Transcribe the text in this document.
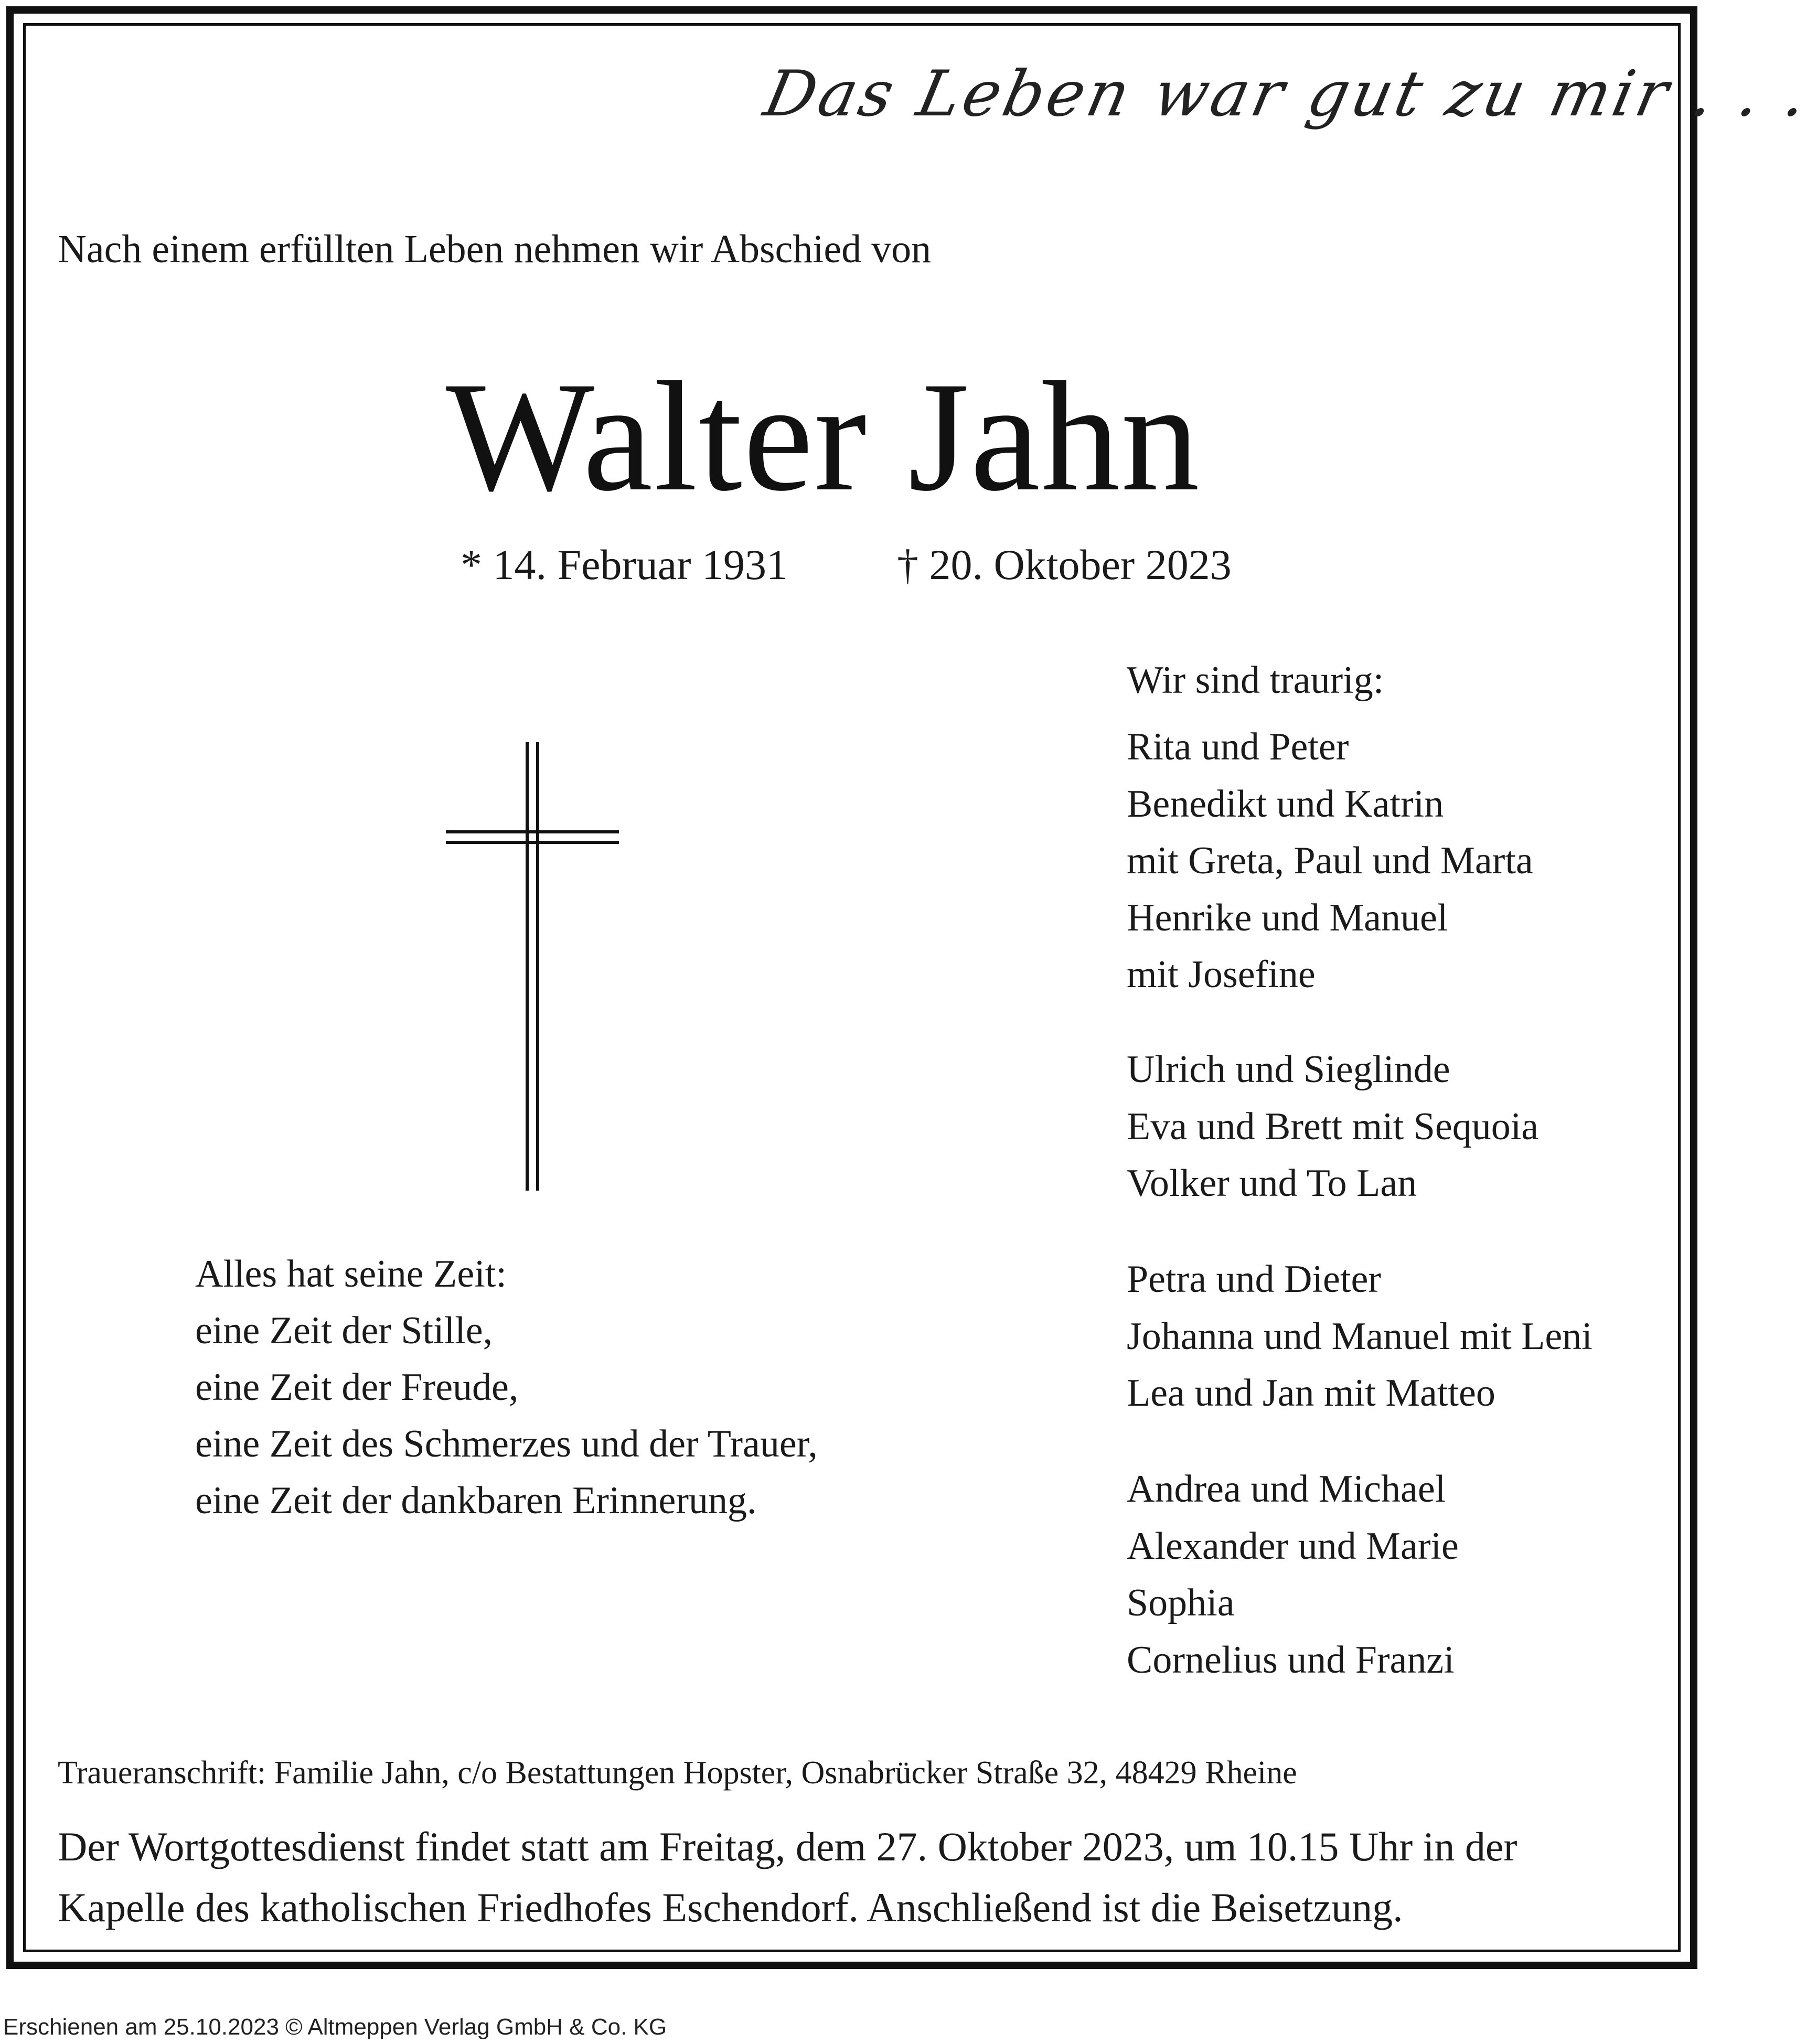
Das Leben war gut zu mir . . .

Nach einem erfüllten Leben nehmen wir Abschied von

Walter Jahn

* 14. Februar 1931	† 20. Oktober 2023

Alles hat seine Zeit:
eine Zeit der Stille,
eine Zeit der Freude,
eine Zeit des Schmerzes und der Trauer,
eine Zeit der dankbaren Erinnerung.

Wir sind traurig:

Rita und Peter
Benedikt und Katrin
mit Greta, Paul und Marta
Henrike und Manuel
mit Josefine
Ulrich und Sieglinde
Eva und Brett mit Sequoia
Volker und To Lan
Petra und Dieter
Johanna und Manuel mit Leni
Lea und Jan mit Matteo
Andrea und Michael
Alexander und Marie
Sophia
Cornelius und Franzi

Traueranschrift: Familie Jahn, c/o Bestattungen Hopster, Osnabrücker Straße 32, 48429 Rheine

Der Wortgottesdienst findet statt am Freitag, dem 27. Oktober 2023, um 10.15 Uhr in der
Kapelle des katholischen Friedhofes Eschendorf. Anschließend ist die Beisetzung.

Erschienen am 25.10.2023 © Altmeppen Verlag GmbH & Co. KG
